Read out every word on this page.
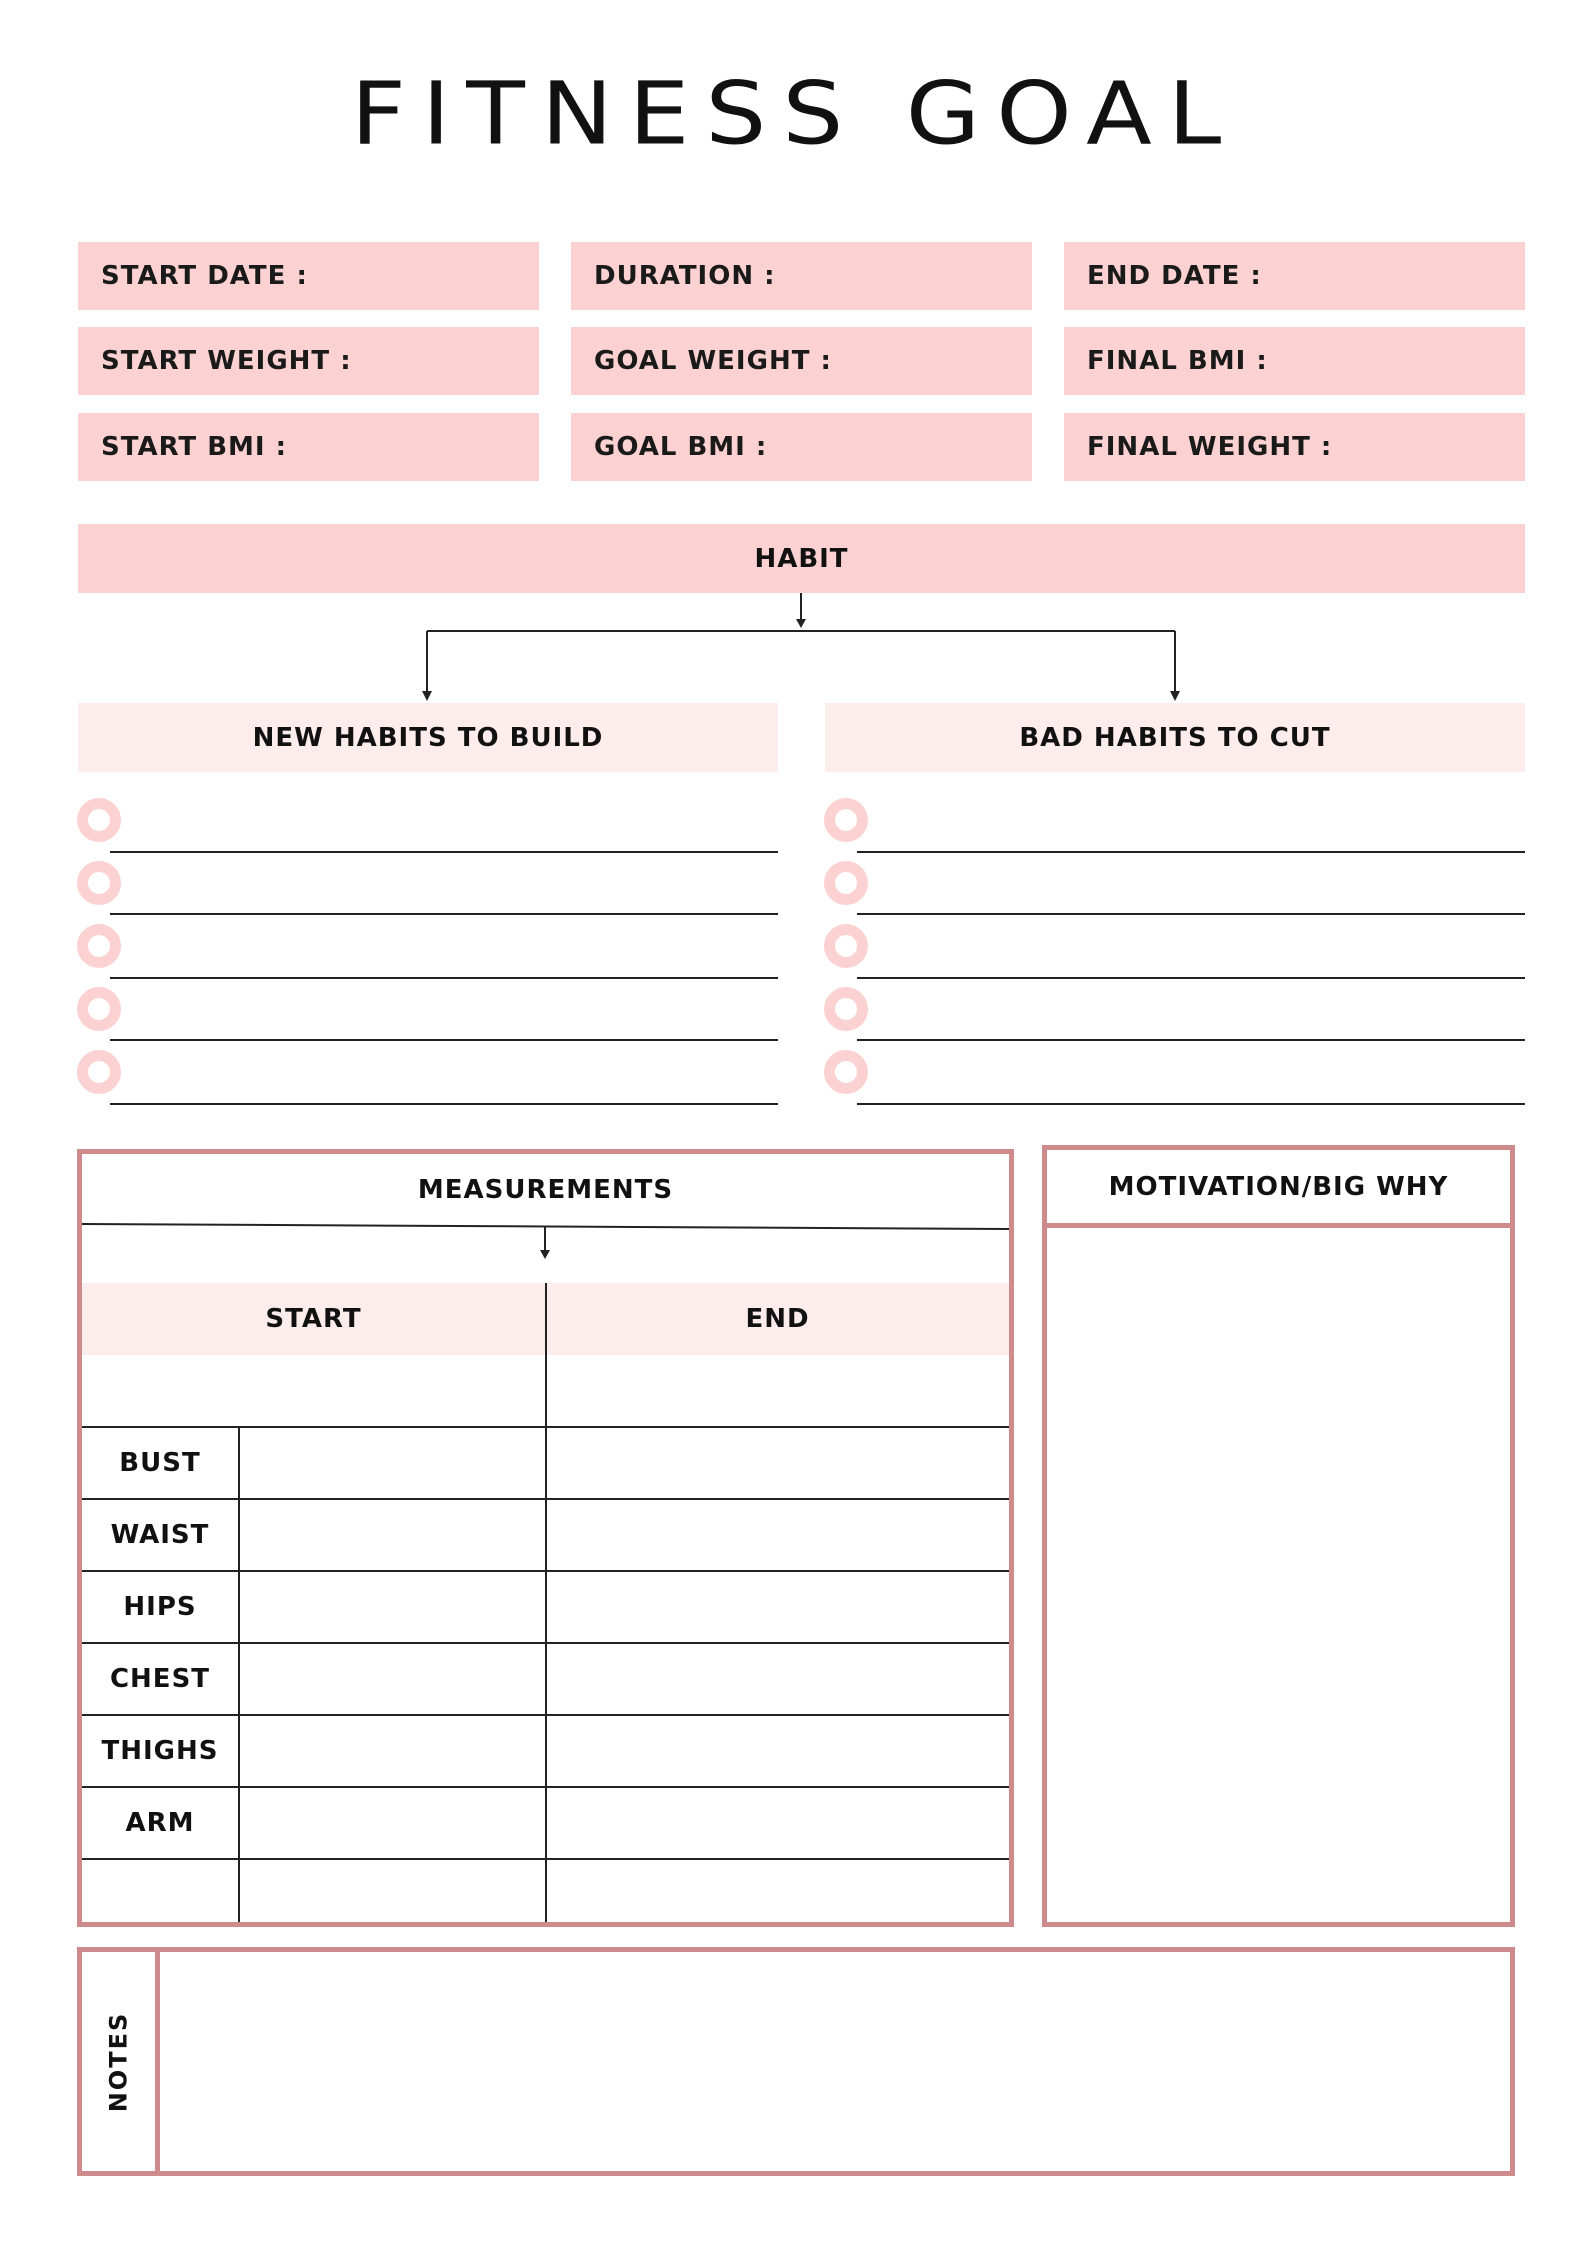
FITNESS GOAL
START DATE :	DURATION :	END DATE :
START WEIGHT :	GOAL WEIGHT :	FINAL BMI :
START BMI :	GOAL BMI :	FINAL WEIGHT :
HABIT
NEW HABITS TO BUILD	BAD HABITS TO CUT
MEASUREMENTS
START	END
BUST
WAIST
HIPS
CHEST
THIGHS
ARM
MOTIVATION/BIG WHY
NOTES
